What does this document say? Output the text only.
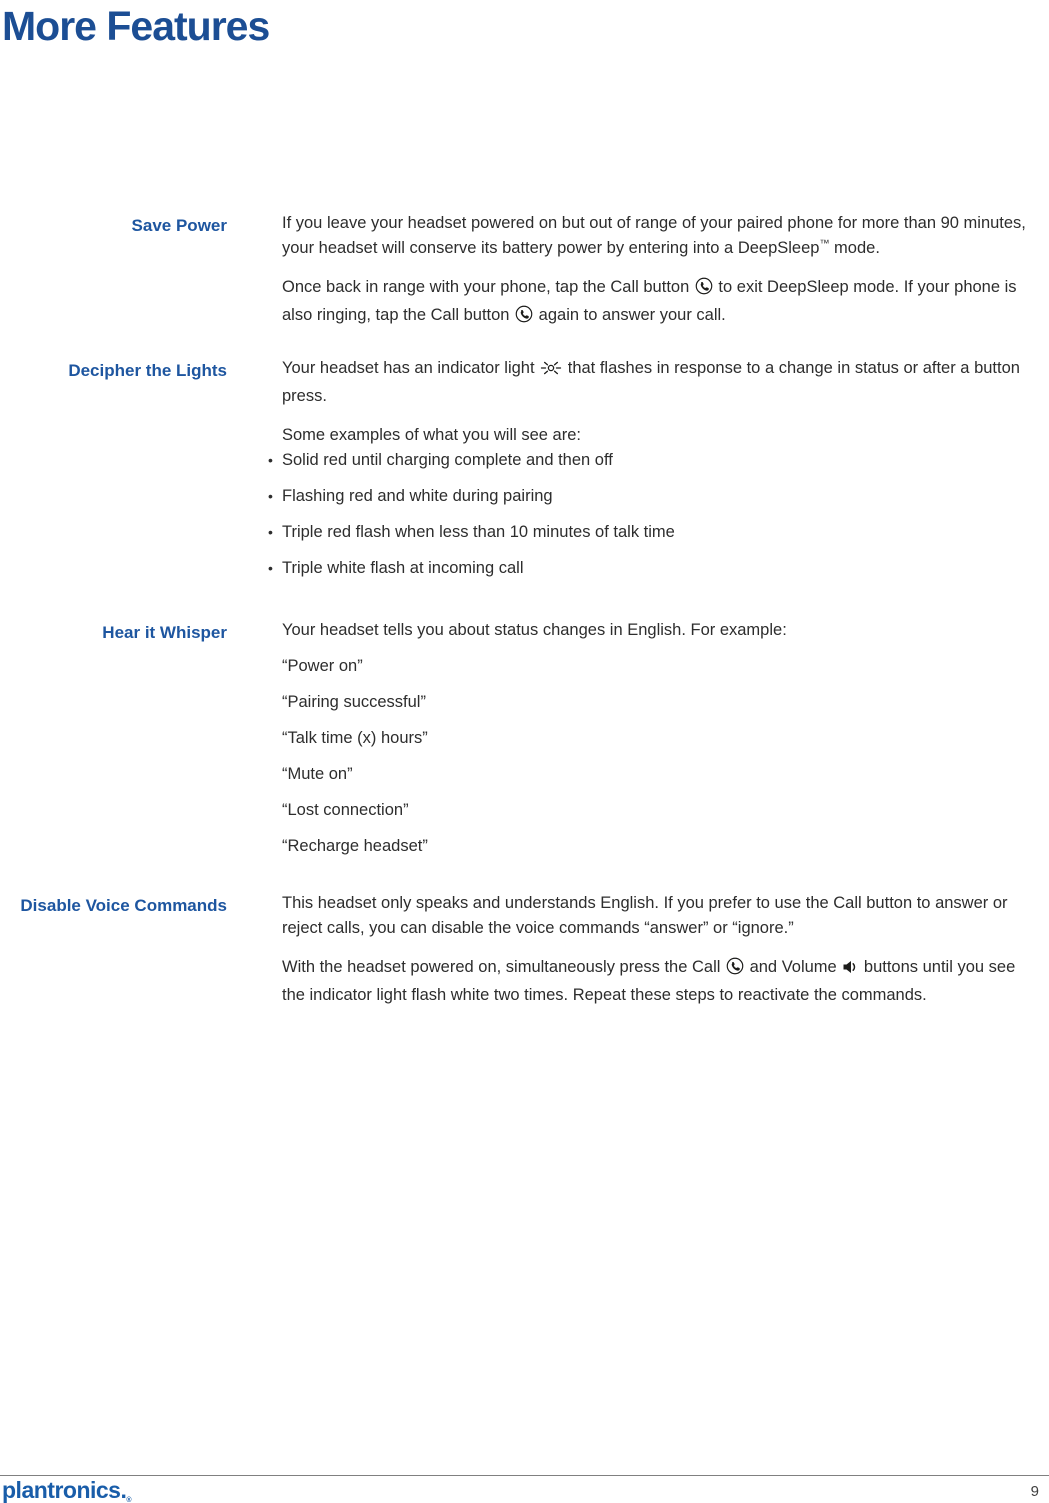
More Features
Save Power	If you leave your headset powered on but out of range of your paired phone for more than 90 minutes, your headset will conserve its battery power by entering into a DeepSleep™ mode.

Once back in range with your phone, tap the Call button  to exit DeepSleep mode. If your phone is also ringing, tap the Call button  again to answer your call.

Decipher the Lights	Your headset has an indicator light  that flashes in response to a change in status or after a button press.

Some examples of what you will see are:

• Solid red until charging complete and then off

• Flashing red and white during pairing

• Triple red flash when less than 10 minutes of talk time

• Triple white flash at incoming call

Hear it Whisper	Your headset tells you about status changes in English. For example:

“Power on”

“Pairing successful”

“Talk time (x) hours”

“Mute on”

“Lost connection”

“Recharge headset”

Disable Voice Commands	This headset only speaks and understands English. If you prefer to use the Call button to answer or reject calls, you can disable the voice commands “answer” or “ignore.”

With the headset powered on, simultaneously press the Call  and Volume  buttons until you see the indicator light flash white two times. Repeat these steps to reactivate the commands.

plantronics.®
9
